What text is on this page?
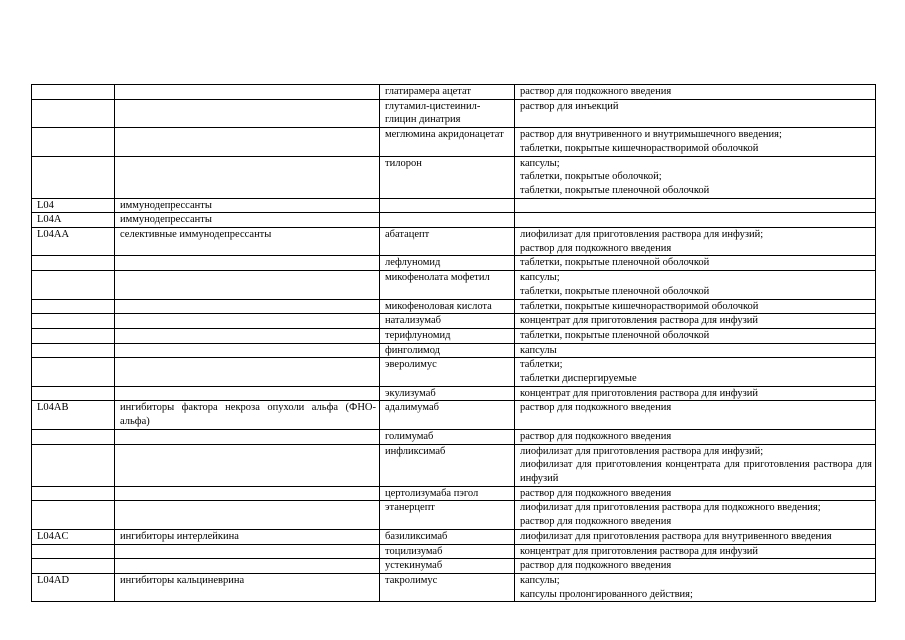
		глатирамера ацетат	раствор для подкожного введения

		глутамил-цистеинил-глицин динатрия	раствор для инъекций

		меглюмина акридонацетат	раствор для внутривенного и внутримышечного введения;
таблетки, покрытые кишечнорастворимой оболочкой

		тилорон	капсулы;
таблетки, покрытые оболочкой;
таблетки, покрытые пленочной оболочкой

L04	иммунодепрессанты		

L04A	иммунодепрессанты		

L04AA	селективные иммунодепрессанты	абатацепт	лиофилизат для приготовления раствора для инфузий;
раствор для подкожного введения

		лефлуномид	таблетки, покрытые пленочной оболочкой

		микофенолата мофетил	капсулы;
таблетки, покрытые пленочной оболочкой

		микофеноловая кислота	таблетки, покрытые кишечнорастворимой оболочкой

		натализумаб	концентрат для приготовления раствора для инфузий

		терифлуномид	таблетки, покрытые пленочной оболочкой

		финголимод	капсулы

		эверолимус	таблетки;
таблетки диспергируемые

		экулизумаб	концентрат для приготовления раствора для инфузий

L04AB	ингибиторы фактора некроза опухоли альфа (ФНО-альфа)	адалимумаб	раствор для подкожного введения

		голимумаб	раствор для подкожного введения

		инфликсимаб	лиофилизат для приготовления раствора для инфузий;
лиофилизат для приготовления концентрата для приготовления раствора для инфузий

		цертолизумаба пэгол	раствор для подкожного введения

		этанерцепт	лиофилизат для приготовления раствора для подкожного введения;
раствор для подкожного введения

L04AC	ингибиторы интерлейкина	базиликсимаб	лиофилизат для приготовления раствора для внутривенного введения

		тоцилизумаб	концентрат для приготовления раствора для инфузий

		устекинумаб	раствор для подкожного введения

L04AD	ингибиторы кальциневрина	такролимус	капсулы;
капсулы пролонгированного действия;
